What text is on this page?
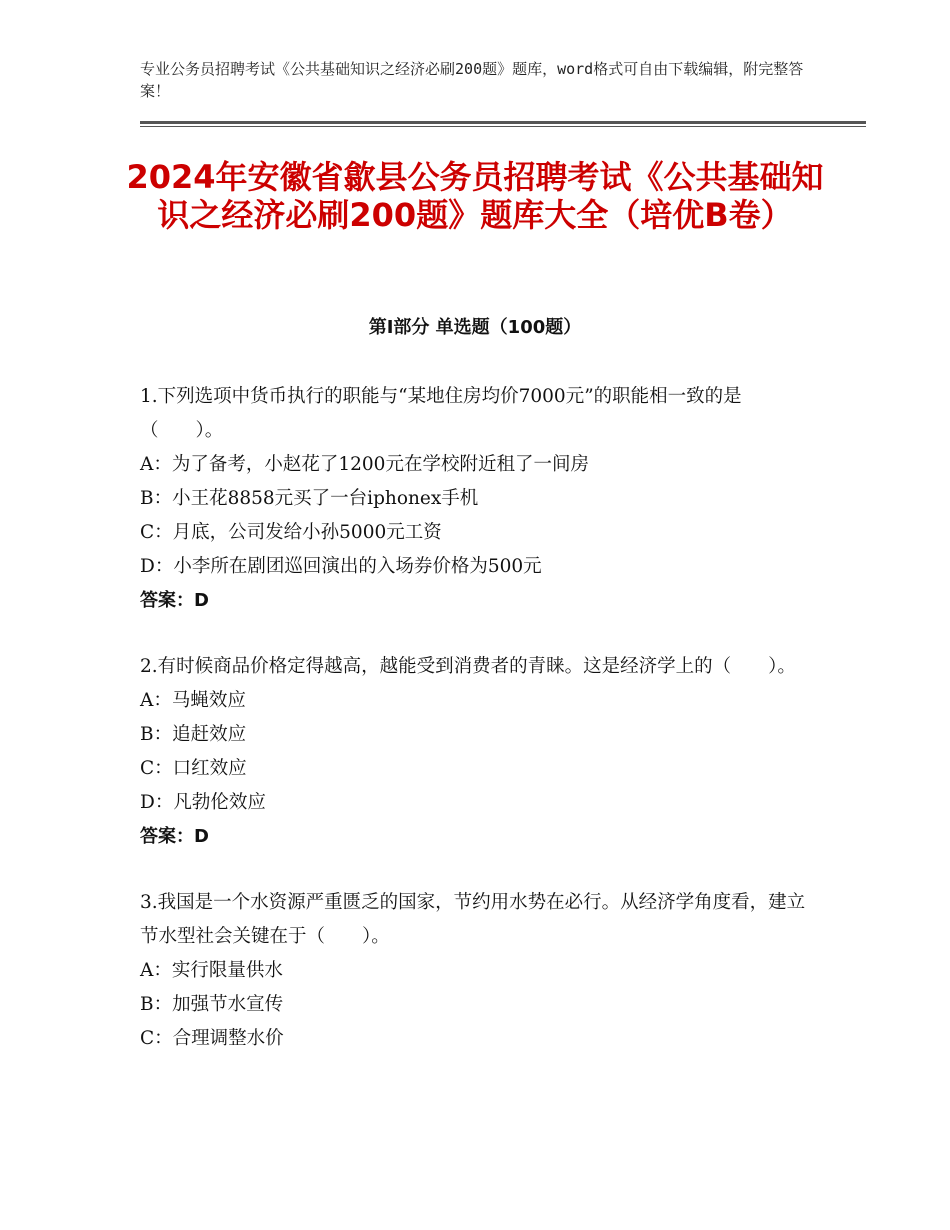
专业公务员招聘考试《公共基础知识之经济必刷200题》题库，word格式可自由下载编辑，附完整答案！
2024年安徽省歙县公务员招聘考试《公共基础知识之经济必刷200题》题库大全（培优B卷）
第Ⅰ部分 单选题（100题）
1.下列选项中货币执行的职能与“某地住房均价7000元”的职能相一致的是（　　）。
A：为了备考，小赵花了1200元在学校附近租了一间房
B：小王花8858元买了一台iphonex手机
C：月底，公司发给小孙5000元工资
D：小李所在剧团巡回演出的入场券价格为500元
答案：D
2.有时候商品价格定得越高，越能受到消费者的青睐。这是经济学上的（　　）。
A：马蝇效应
B：追赶效应
C：口红效应
D：凡勃伦效应
答案：D
3.我国是一个水资源严重匮乏的国家，节约用水势在必行。从经济学角度看，建立节水型社会关键在于（　　）。
A：实行限量供水
B：加强节水宣传
C：合理调整水价
